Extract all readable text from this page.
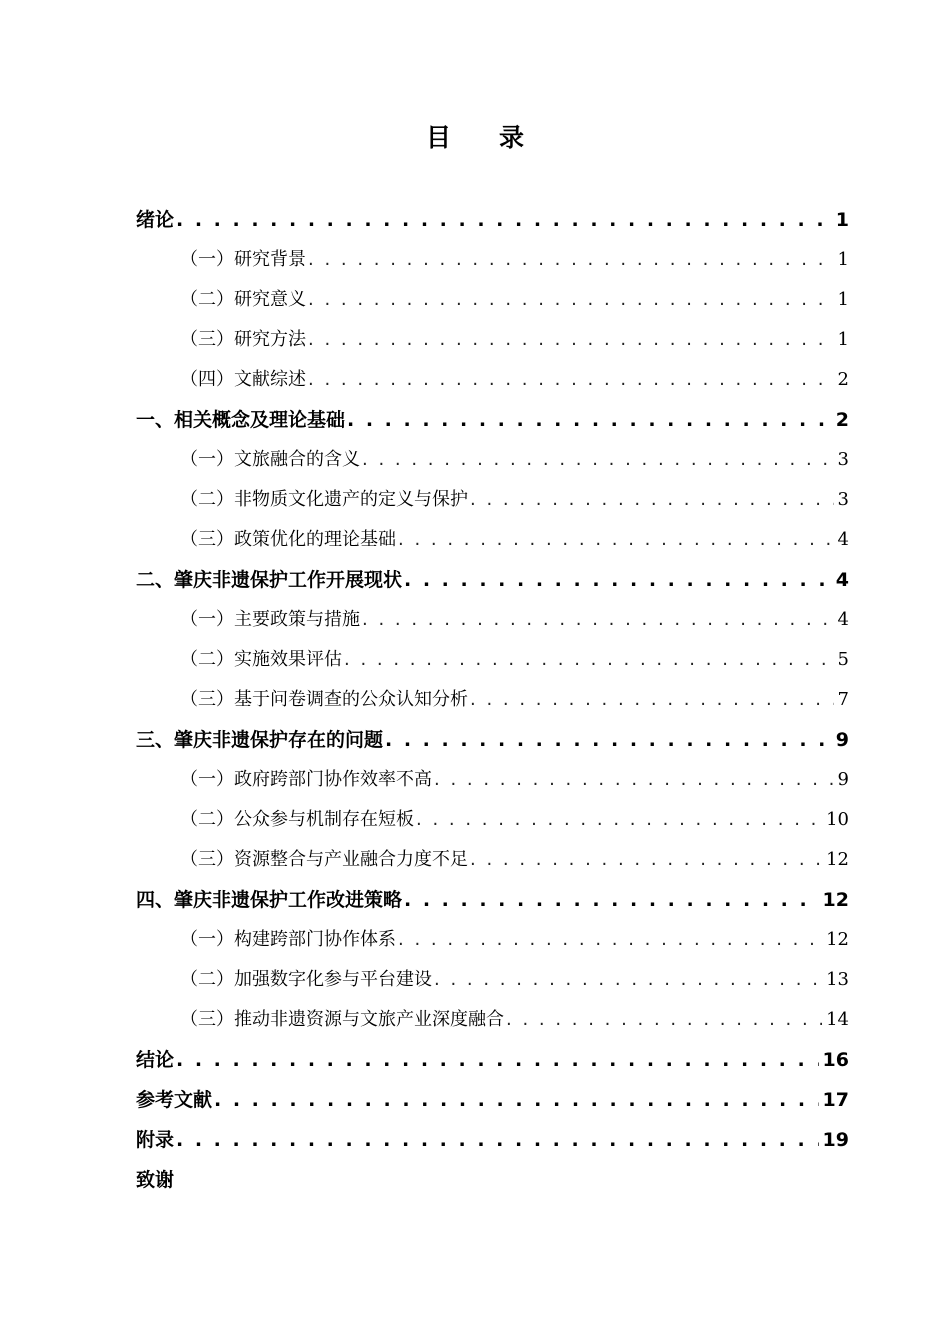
目 录
绪论 . . .	1
（一）研究背景 . . .	1
（二）研究意义 . . .	1
（三）研究方法 . . .	1
（四）文献综述 . . .	2
一、相关概念及理论基础 . . .	2
（一）文旅融合的含义 . . .	3
（二）非物质文化遗产的定义与保护 . . .	3
（三）政策优化的理论基础 . . .	4
二、肇庆非遗保护工作开展现状 . . .	4
（一）主要政策与措施 . . .	4
（二）实施效果评估 . . .	5
（三）基于问卷调查的公众认知分析 . . .	7
三、肇庆非遗保护存在的问题 . . .	9
（一）政府跨部门协作效率不高 . . .	9
（二）公众参与机制存在短板 . . .	10
（三）资源整合与产业融合力度不足 . . .	12
四、肇庆非遗保护工作改进策略 . . .	12
（一）构建跨部门协作体系 . . .	12
（二）加强数字化参与平台建设 . . .	13
（三）推动非遗资源与文旅产业深度融合 . . .	14
结论 . . .	16
参考文献 . . .	17
附录 . . .	19
致谢
